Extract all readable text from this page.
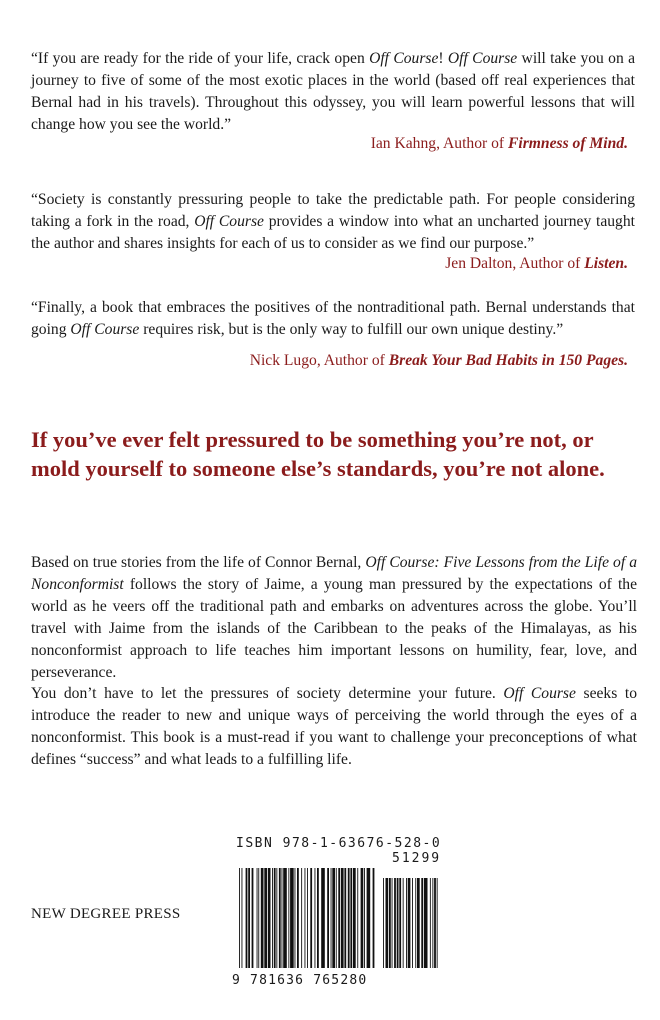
“If you are ready for the ride of your life, crack open Off Course! Off Course will take you on a journey to five of some of the most exotic places in the world (based off real experiences that Bernal had in his travels). Throughout this odyssey, you will learn powerful lessons that will change how you see the world.”

Ian Kahng, Author of Firmness of Mind.

“Society is constantly pressuring people to take the predictable path. For people considering taking a fork in the road, Off Course provides a window into what an uncharted journey taught the author and shares insights for each of us to consider as we find our purpose.”

Jen Dalton, Author of Listen.

“Finally, a book that embraces the positives of the nontraditional path. Bernal understands that going Off Course requires risk, but is the only way to fulfill our own unique destiny.”

Nick Lugo, Author of Break Your Bad Habits in 150 Pages.
If you’ve ever felt pressured to be something you’re not, or mold yourself to someone else’s standards, you’re not alone.

Based on true stories from the life of Connor Bernal, Off Course: Five Lessons from the Life of a Nonconformist follows the story of Jaime, a young man pressured by the expectations of the world as he veers off the traditional path and embarks on adventures across the globe. You’ll travel with Jaime from the islands of the Caribbean to the peaks of the Himalayas, as his nonconformist approach to life teaches him important lessons on humility, fear, love, and perseverance.

You don’t have to let the pressures of society determine your future. Off Course seeks to introduce the reader to new and unique ways of perceiving the world through the eyes of a nonconformist. This book is a must-read if you want to challenge your preconceptions of what defines “success” and what leads to a fulfilling life.

NEW DEGREE PRESS
ISBN 978-1-63676-528-0
51299
9 781636 765280
